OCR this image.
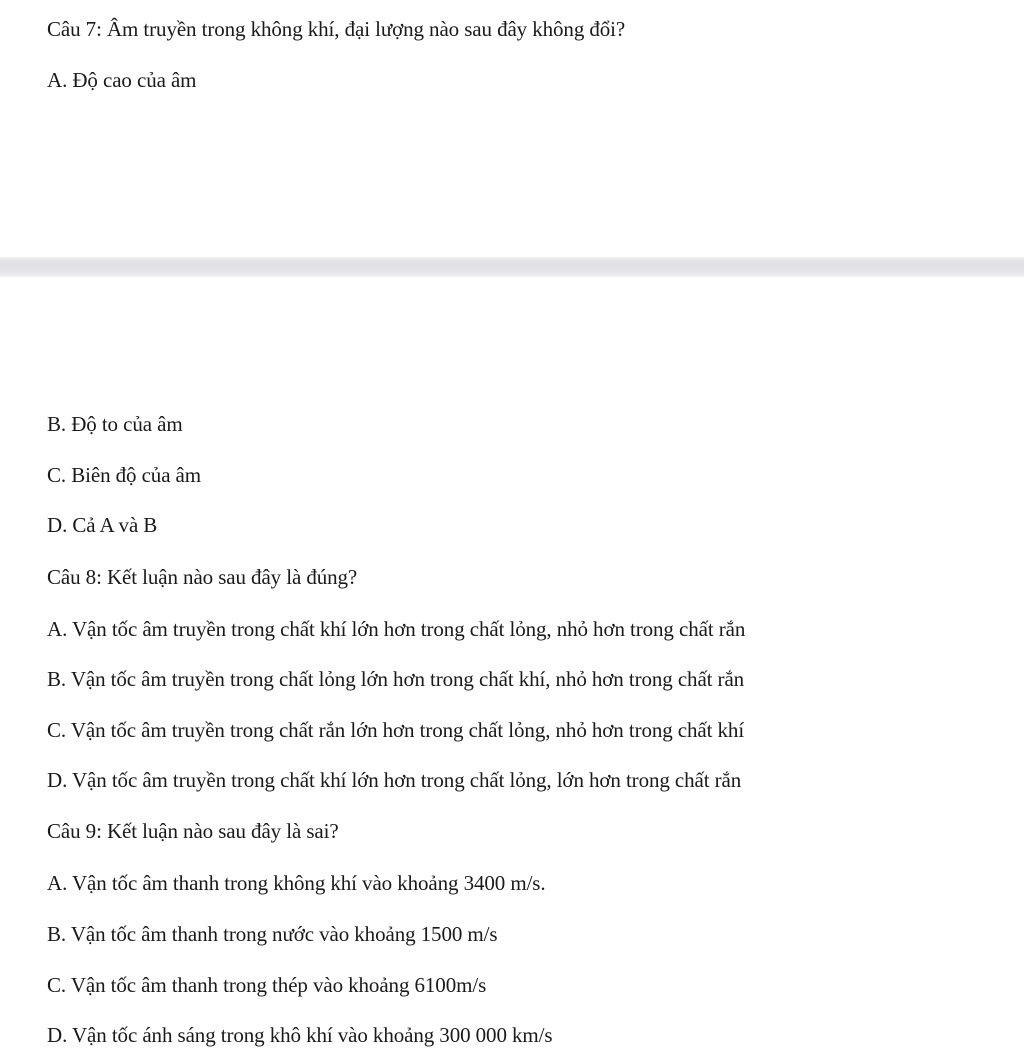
Câu 7: Âm truyền trong không khí, đại lượng nào sau đây không đổi?
A. Độ cao của âm
B. Độ to của âm
C. Biên độ của âm
D. Cả A và B
Câu 8: Kết luận nào sau đây là đúng?
A. Vận tốc âm truyền trong chất khí lớn hơn trong chất lỏng, nhỏ hơn trong chất rắn
B. Vận tốc âm truyền trong chất lỏng lớn hơn trong chất khí, nhỏ hơn trong chất rắn
C. Vận tốc âm truyền trong chất rắn lớn hơn trong chất lỏng, nhỏ hơn trong chất khí
D. Vận tốc âm truyền trong chất khí lớn hơn trong chất lỏng, lớn hơn trong chất rắn
Câu 9: Kết luận nào sau đây là sai?
A. Vận tốc âm thanh trong không khí vào khoảng 3400 m/s.
B. Vận tốc âm thanh trong nước vào khoảng 1500 m/s
C. Vận tốc âm thanh trong thép vào khoảng 6100m/s
D. Vận tốc ánh sáng trong khô khí vào khoảng 300 000 km/s
